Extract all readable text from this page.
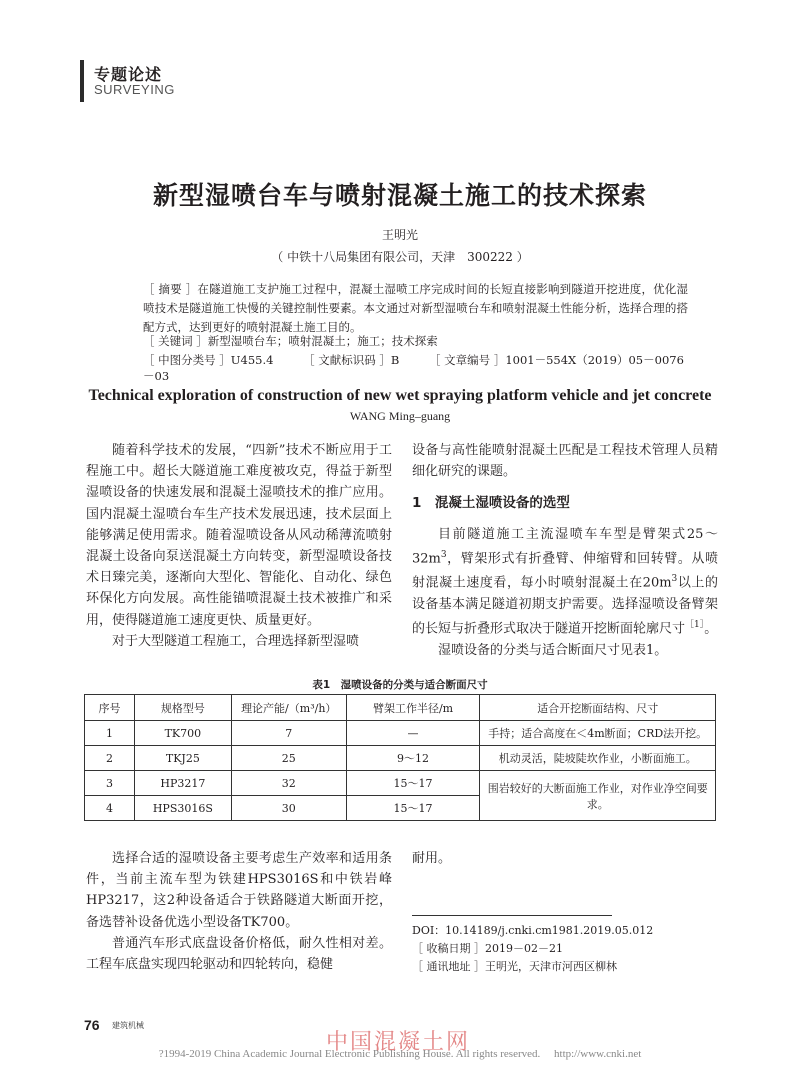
专题论述
SURVEYING
新型湿喷台车与喷射混凝土施工的技术探索
王明光
（ 中铁十八局集团有限公司，天津　300222 ）
［ 摘要 ］在隧道施工支护施工过程中，混凝土湿喷工序完成时间的长短直接影响到隧道开挖进度，优化湿喷技术是隧道施工快慢的关键控制性要素。本文通过对新型湿喷台车和喷射混凝土性能分析，选择合理的搭配方式，达到更好的喷射混凝土施工目的。
［ 关键词 ］新型湿喷台车；喷射混凝土；施工；技术探索
［ 中图分类号 ］U455.4	［ 文献标识码 ］B	［ 文章编号 ］1001－554X（2019）05－0076－03
Technical exploration of construction of new wet spraying platform vehicle and jet concrete
WANG Ming–guang

随着科学技术的发展，“四新”技术不断应用于工程施工中。超长大隧道施工难度被攻克，得益于新型湿喷设备的快速发展和混凝土湿喷技术的推广应用。国内混凝土湿喷台车生产技术发展迅速，技术层面上能够满足使用需求。随着湿喷设备从风动稀薄流喷射混凝土设备向泵送混凝土方向转变，新型湿喷设备技术日臻完美，逐渐向大型化、智能化、自动化、绿色环保化方向发展。高性能锚喷混凝土技术被推广和采用，使得隧道施工速度更快、质量更好。

对于大型隧道工程施工，合理选择新型湿喷

设备与高性能喷射混凝土匹配是工程技术管理人员精细化研究的课题。

1　混凝土湿喷设备的选型

目前隧道施工主流湿喷车车型是臂架式25～32m$^3$，臂架形式有折叠臂、伸缩臂和回转臂。从喷射混凝土速度看，每小时喷射混凝土在20m$^3$以上的设备基本满足隧道初期支护需要。选择湿喷设备臂架的长短与折叠形式取决于隧道开挖断面轮廓尺寸$^{[1]}$。

湿喷设备的分类与适合断面尺寸见表1。

表1　湿喷设备的分类与适合断面尺寸
序号	规格型号	理论产能/（m³/h）	臂架工作半径/m	适合开挖断面结构、尺寸
1	TK700	7	—	手持；适合高度在＜4m断面；CRD法开挖。
2	TKJ25	25	9～12	机动灵活，陡坡陡坎作业，小断面施工。
3	HP3217	32	15～17	围岩较好的大断面施工作业，对作业净空间要求。
4	HPS3016S	30	15～17	

选择合适的湿喷设备主要考虑生产效率和适用条件，当前主流车型为铁建HPS3016S和中铁岩峰HP3217，这2种设备适合于铁路隧道大断面开挖，备选替补设备优选小型设备TK700。

普通汽车形式底盘设备价格低，耐久性相对差。工程车底盘实现四轮驱动和四轮转向，稳健

耐用。

DOI：10.14189/j.cnki.cm1981.2019.05.012

［ 收稿日期 ］2019－02－21

［ 通讯地址 ］王明光，天津市河西区柳林

76 建筑机械
中国混凝土网
?1994-2019 China Academic Journal Electronic Publishing House. All rights reserved.　 http://www.cnki.net
